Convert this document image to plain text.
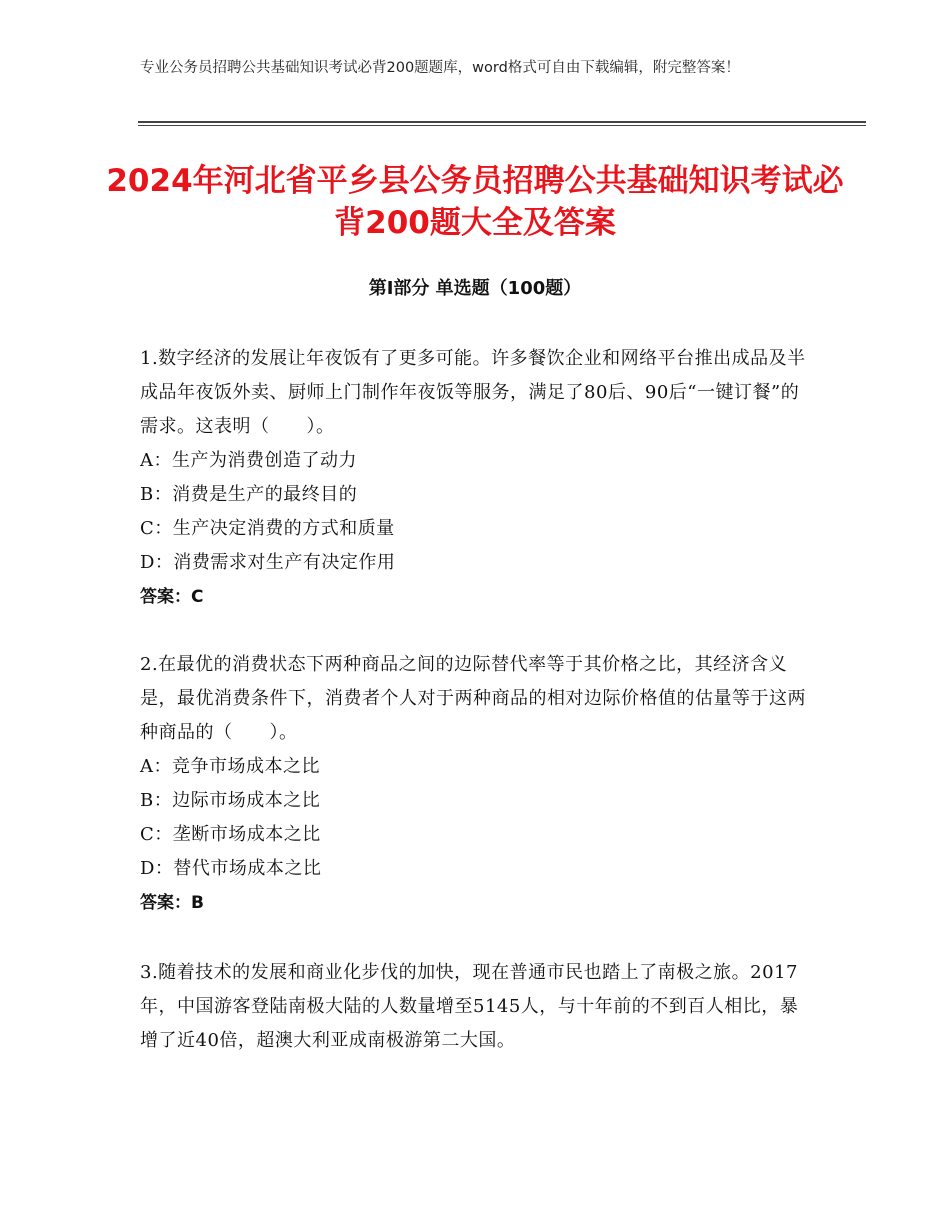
专业公务员招聘公共基础知识考试必背200题题库，word格式可自由下载编辑，附完整答案！
2024年河北省平乡县公务员招聘公共基础知识考试必背200题大全及答案
第Ⅰ部分 单选题（100题）

1.数字经济的发展让年夜饭有了更多可能。许多餐饮企业和网络平台推出成品及半成品年夜饭外卖、厨师上门制作年夜饭等服务，满足了80后、90后“一键订餐”的需求。这表明（　　）。

A：生产为消费创造了动力

B：消费是生产的最终目的

C：生产决定消费的方式和质量

D：消费需求对生产有决定作用

答案：C

2.在最优的消费状态下两种商品之间的边际替代率等于其价格之比，其经济含义是，最优消费条件下，消费者个人对于两种商品的相对边际价格值的估量等于这两种商品的（　　）。

A：竞争市场成本之比

B：边际市场成本之比

C：垄断市场成本之比

D：替代市场成本之比

答案：B

3.随着技术的发展和商业化步伐的加快，现在普通市民也踏上了南极之旅。2017年，中国游客登陆南极大陆的人数量增至5145人，与十年前的不到百人相比，暴增了近40倍，超澳大利亚成南极游第二大国。
